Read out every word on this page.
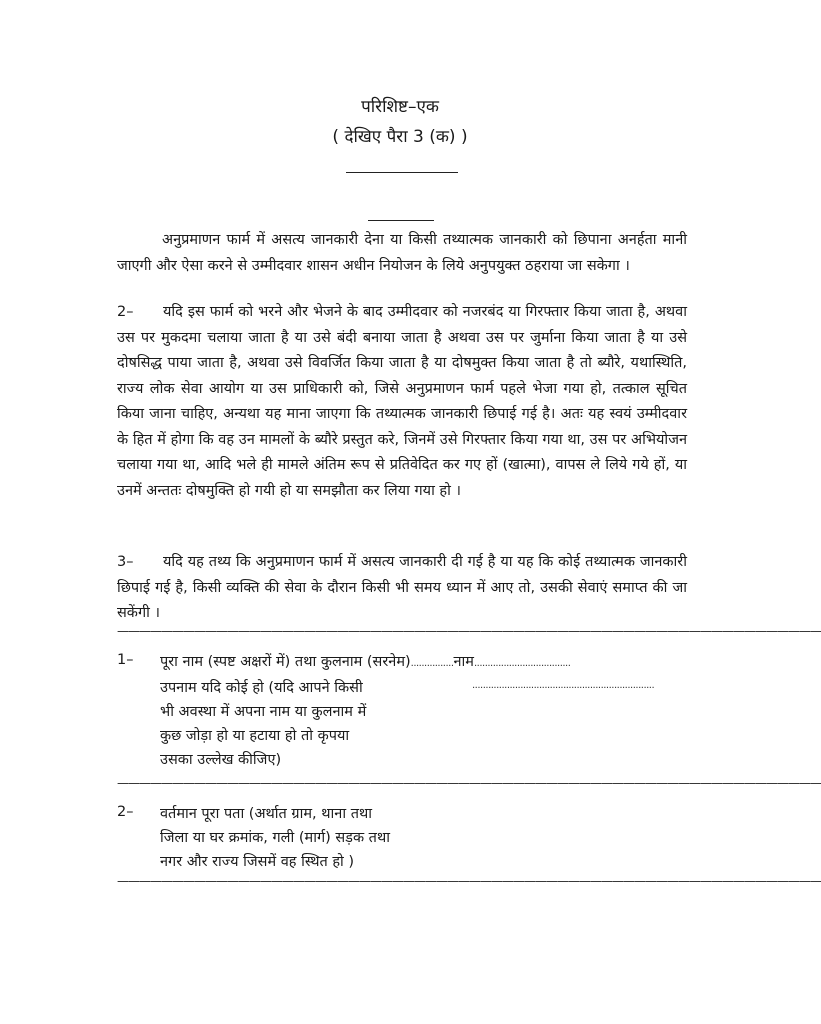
परिशिष्ट–एक
( देखिए पैरा 3 (क) )

अनुप्रमाणन फार्म में असत्य जानकारी देना या किसी तथ्यात्मक जानकारी को छिपाना अनर्हता मानी जाएगी और ऐसा करने से उम्मीदवार शासन अधीन नियोजन के लिये अनुपयुक्त ठहराया जा सकेगा ।

2– यदि इस फार्म को भरने और भेजने के बाद उम्मीदवार को नजरबंद या गिरफ्तार किया जाता है, अथवा उस पर मुकदमा चलाया जाता है या उसे बंदी बनाया जाता है अथवा उस पर जुर्माना किया जाता है या उसे दोषसिद्ध पाया जाता है, अथवा उसे विवर्जित किया जाता है या दोषमुक्त किया जाता है तो ब्यौरे, यथास्थिति, राज्य लोक सेवा आयोग या उस प्राधिकारी को, जिसे अनुप्रमाणन फार्म पहले भेजा गया हो, तत्काल सूचित किया जाना चाहिए, अन्यथा यह माना जाएगा कि तथ्यात्मक जानकारी छिपाई गई है। अतः यह स्वयं उम्मीदवार के हित में होगा कि वह उन मामलों के ब्यौरे प्रस्तुत करे, जिनमें उसे गिरफ्तार किया गया था, उस पर अभियोजन चलाया गया था, आदि भले ही मामले अंतिम रूप से प्रतिवेदित कर गए हों (खात्मा), वापस ले लिये गये हों, या उनमें अन्ततः दोषमुक्ति हो गयी हो या समझौता कर लिया गया हो ।

3– यदि यह तथ्य कि अनुप्रमाणन फार्म में असत्य जानकारी दी गई है या यह कि कोई तथ्यात्मक जानकारी छिपाई गई है, किसी व्यक्ति की सेवा के दौरान किसी भी समय ध्यान में आए तो, उसकी सेवाएं समाप्त की जा सकेंगी ।

————————————————————————————————————————————————————————————————
1– पूरा नाम (स्पष्ट अक्षरों में) तथा कुलनाम (सरनेम)................नाम....................................
उपनाम यदि कोई हो (यदि आपने किसी
भी अवस्था में अपना नाम या कुलनाम में
कुछ जोड़ा हो या हटाया हो तो कृपया
उसका उल्लेख कीजिए)
....................................................................
————————————————————————————————————————————————————————————————
2– वर्तमान पूरा पता (अर्थात ग्राम, थाना तथा
जिला या घर क्रमांक, गली (मार्ग) सड़क तथा
नगर और राज्य जिसमें वह स्थित हो )
————————————————————————————————————————————————————————————————
